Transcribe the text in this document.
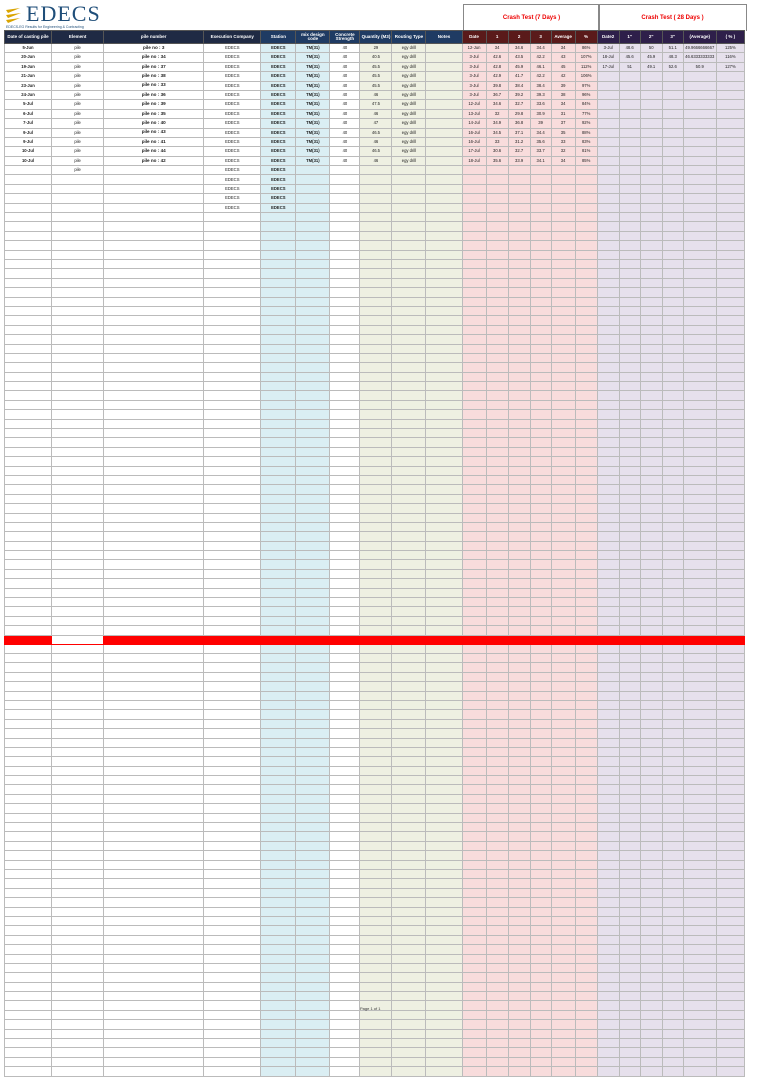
EDECS
EDECS-EG Results for Engineering & Contracting
Crash Test (7 Days )	Crash Test ( 28 Days )
Date of casting pile	Element	pile number	Execution Company	Station	mix design code	Concrete Strength	Quantity (M3)	Routing Type	Notes	Date	1	2	3	Average	%	Date2	1"	2"	3"	(Average)	( % )
5-Jun	pile	pile no : 3	EDECS	EDECS	TM(31)	40	29	egy drill		12-Jun	34	34.6	34.4	34	86%	3-Jul	48.6	50	51.1	49.9666666667	125%
20-Jun	pile	pile no : 34	EDECS	EDECS	TM(31)	40	40.5	egy drill		3-Jul	42.6	43.5	42.2	43	107%	18-Jul	45.6	45.9	48.3	46.6333333333	116%
19-Jun	pile	pile no : 37	EDECS	EDECS	TM(31)	40	45.5	egy drill		3-Jul	42.8	45.9	46.1	45	112%	17-Jul	51	49.1	52.6	50.9	127%
21-Jun	pile	pile no : 38	EDECS	EDECS	TM(31)	40	45.5	egy drill		3-Jul	42.9	41.7	42.2	42	106%						
23-Jun	pile	pile no : 33	EDECS	EDECS	TM(31)	40	45.5	egy drill		3-Jul	39.8	38.4	38.4	39	97%						
24-Jun	pile	pile no : 36	EDECS	EDECS	TM(31)	40	46	egy drill		3-Jul	36.7	39.2	39.3	38	96%						
5-Jul	pile	pile no : 39	EDECS	EDECS	TM(31)	40	47.5	egy drill		12-Jul	34.6	32.7	33.6	34	84%						
6-Jul	pile	pile no : 35	EDECS	EDECS	TM(31)	40	46	egy drill		13-Jul	32	29.8	30.9	31	77%						
7-Jul	pile	pile no : 40	EDECS	EDECS	TM(31)	40	47	egy drill		14-Jul	34.9	36.8	39	37	92%						
9-Jul	pile	pile no : 43	EDECS	EDECS	TM(31)	40	46.5	egy drill		16-Jul	34.5	37.1	34.4	35	88%						
9-Jul	pile	pile no : 41	EDECS	EDECS	TM(31)	40	46	egy drill		16-Jul	33	31.2	35.6	33	83%						
10-Jul	pile	pile no : 44	EDECS	EDECS	TM(31)	40	46.5	egy drill		17-Jul	30.6	32.7	33.7	32	81%						
10-Jul	pile	pile no : 42	EDECS	EDECS	TM(31)	40	46	egy drill		18-Jul	35.6	33.9	34.1	34	85%						
	pile		EDECS	EDECS																	
			EDECS	EDECS																	
			EDECS	EDECS																	
			EDECS	EDECS																	
			EDECS	EDECS																	

Page 1 of 1
